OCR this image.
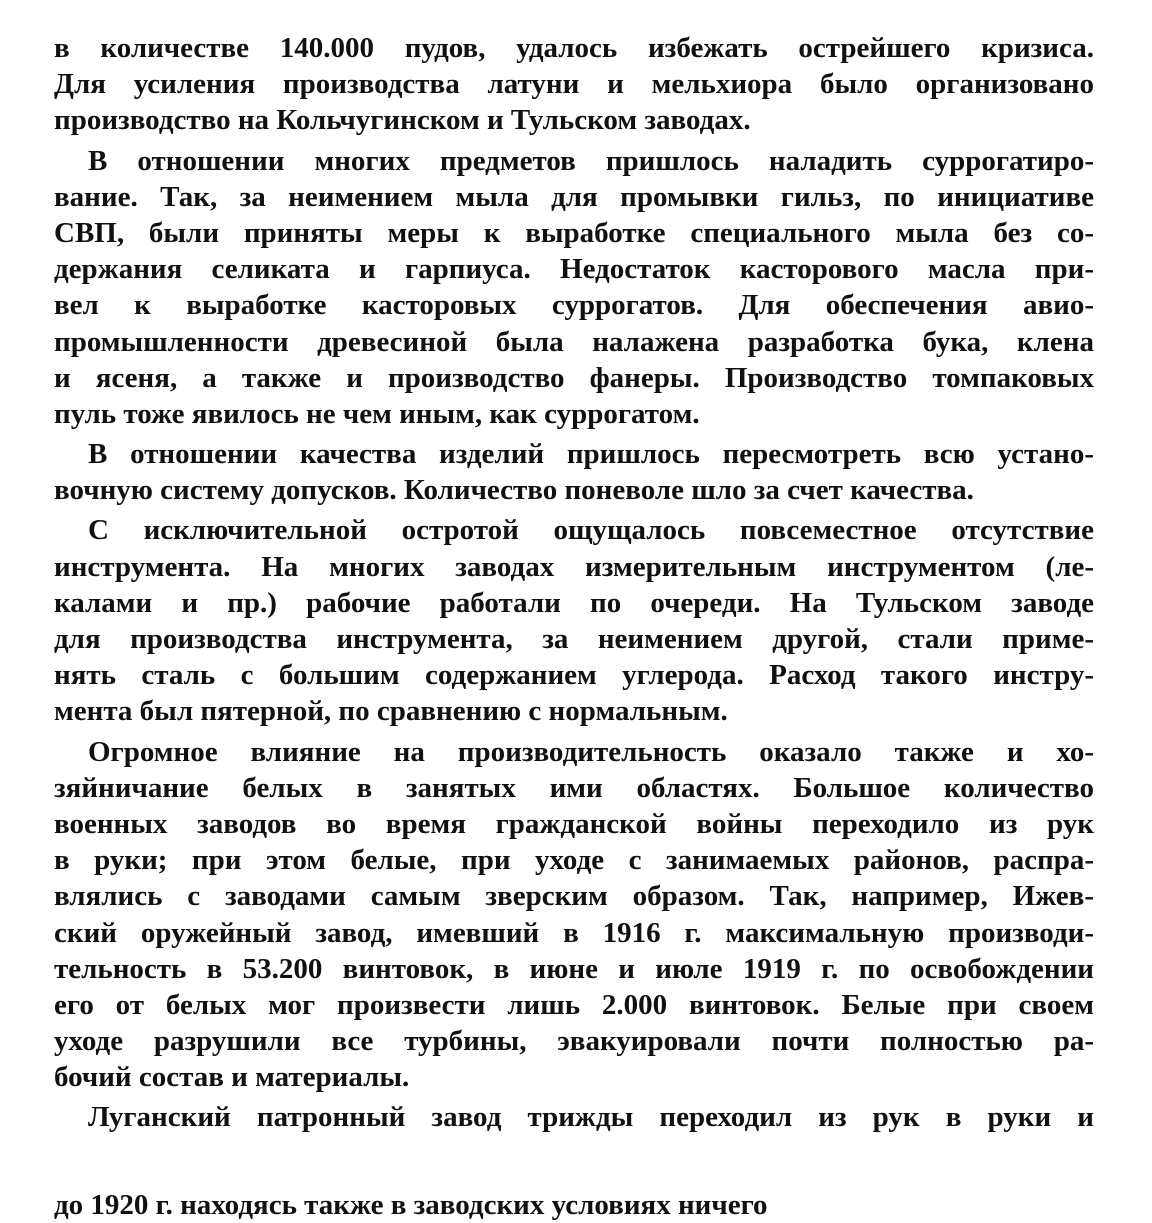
в количестве 140.000 пудов, удалось избежать острейшего кризиса.
Для усиления производства латуни и мельхиора было организовано
производство на Кольчугинском и Тульском заводах.
В отношении многих предметов пришлось наладить суррогатиро-
вание. Так, за неимением мыла для промывки гильз, по инициативе
СВП, были приняты меры к выработке специального мыла без со-
держания селиката и гарпиуса. Недостаток касторового масла при-
вел к выработке касторовых суррогатов. Для обеспечения авио-
промышленности древесиной была налажена разработка бука, клена
и ясеня, а также и производство фанеры. Производство томпаковых
пуль тоже явилось не чем иным, как суррогатом.
В отношении качества изделий пришлось пересмотреть всю устано-
вочную систему допусков. Количество поневоле шло за счет качества.
С исключительной остротой ощущалось повсеместное отсутствие
инструмента. На многих заводах измерительным инструментом (ле-
калами и пр.) рабочие работали по очереди. На Тульском заводе
для производства инструмента, за неимением другой, стали приме-
нять сталь с большим содержанием углерода. Расход такого инстру-
мента был пятерной, по сравнению с нормальным.
Огромное влияние на производительность оказало также и хо-
зяйничание белых в занятых ими областях. Большое количество
военных заводов во время гражданской войны переходило из рук
в руки; при этом белые, при уходе с занимаемых районов, распра-
влялись с заводами самым зверским образом. Так, например, Ижев-
ский оружейный завод, имевший в 1916 г. максимальную производи-
тельность в 53.200 винтовок, в июне и июле 1919 г. по освобождении
его от белых мог произвести лишь 2.000 винтовок. Белые при своем
уходе разрушили все турбины, эвакуировали почти полностью ра-
бочий состав и материалы.
Луганский патронный завод трижды переходил из рук в руки и
до 1920 г. находясь также в заводских условиях ничего
